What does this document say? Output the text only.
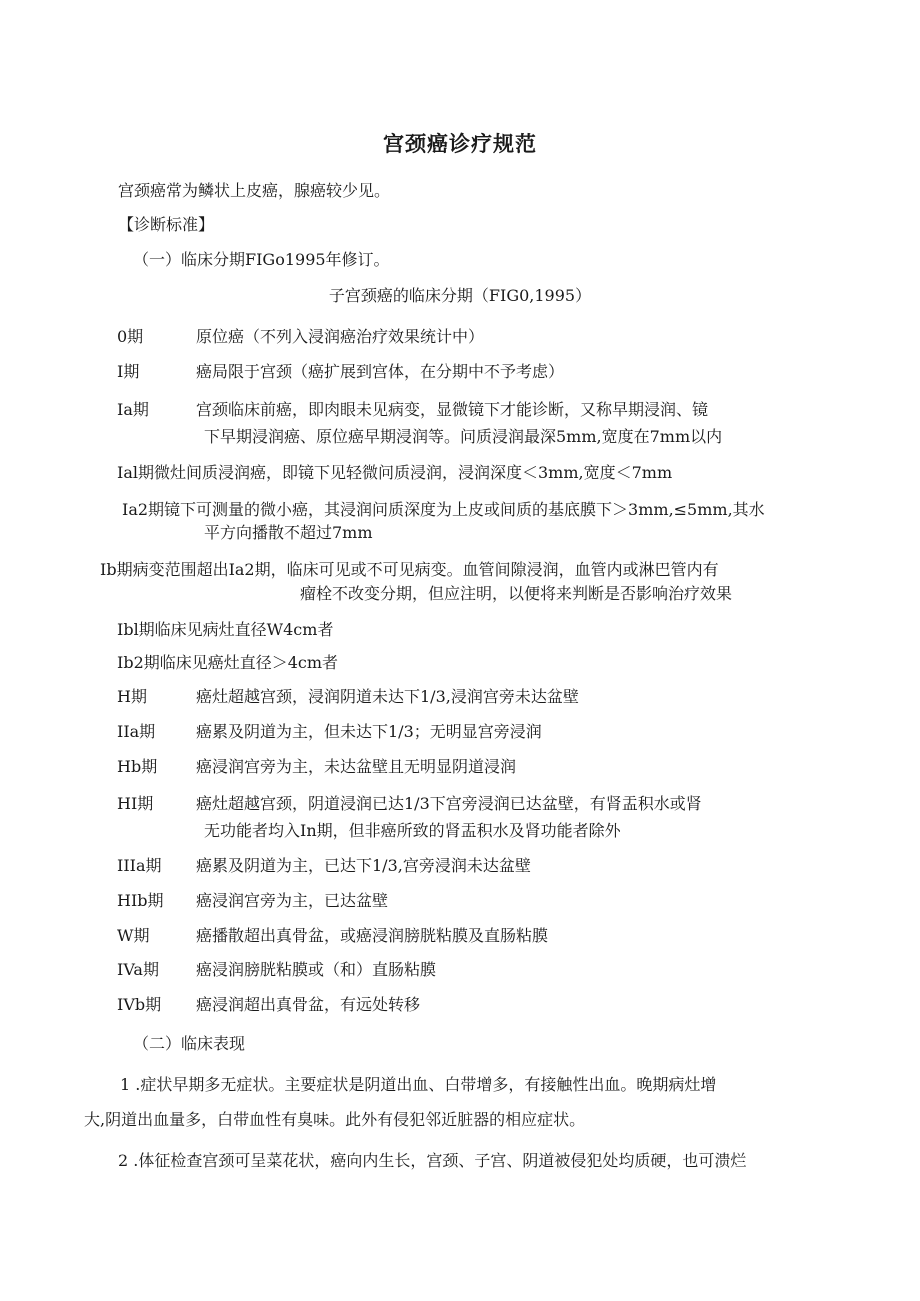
宫颈癌诊疗规范
宫颈癌常为鳞状上皮癌，腺癌较少见。
【诊断标准】
（一）临床分期FIGo1995年修订。
子宫颈癌的临床分期（FIG0,1995）
0期	原位癌（不列入浸润癌治疗效果统计中）
I期	癌局限于宫颈（癌扩展到宫体，在分期中不予考虑）
Ia期	宫颈临床前癌，即肉眼未见病变，显微镜下才能诊断，又称早期浸润、镜
下早期浸润癌、原位癌早期浸润等。问质浸润最深5mm,宽度在7mm以内
Ial期微灶间质浸润癌，即镜下见轻微问质浸润，浸润深度＜3mm,宽度＜7mm
Ia2期镜下可测量的微小癌，其浸润问质深度为上皮或间质的基底膜下＞3mm,≤5mm,其水
平方向播散不超过7mm
Ib期病变范围超出Ia2期，临床可见或不可见病变。血管间隙浸润，血管内或淋巴管内有
瘤栓不改变分期，但应注明，以便将来判断是否影响治疗效果
Ibl期临床见病灶直径W4cm者
Ib2期临床见癌灶直径＞4cm者
H期	癌灶超越宫颈，浸润阴道未达下1/3,浸润宫旁未达盆壁
IIa期	癌累及阴道为主，但未达下1/3；无明显宫旁浸润
Hb期 癌浸润宫旁为主，未达盆壁且无明显阴道浸润
HI期	癌灶超越宫颈，阴道浸润已达1/3下宫旁浸润已达盆壁，有肾盂积水或肾
无功能者均入In期，但非癌所致的肾盂积水及肾功能者除外
IIIa期 癌累及阴道为主，已达下1/3,宫旁浸润未达盆壁
HIb期 癌浸润宫旁为主，已达盆壁
W期	癌播散超出真骨盆，或癌浸润膀胱粘膜及直肠粘膜
IVa期 癌浸润膀胱粘膜或（和）直肠粘膜
IVb期 癌浸润超出真骨盆，有远处转移
（二）临床表现
1 .症状早期多无症状。主要症状是阴道出血、白带增多，有接触性出血。晚期病灶增
大,阴道出血量多，白带血性有臭味。此外有侵犯邻近脏器的相应症状。
2 .体征检查宫颈可呈菜花状，癌向内生长，宫颈、子宫、阴道被侵犯处均质硬，也可溃烂
